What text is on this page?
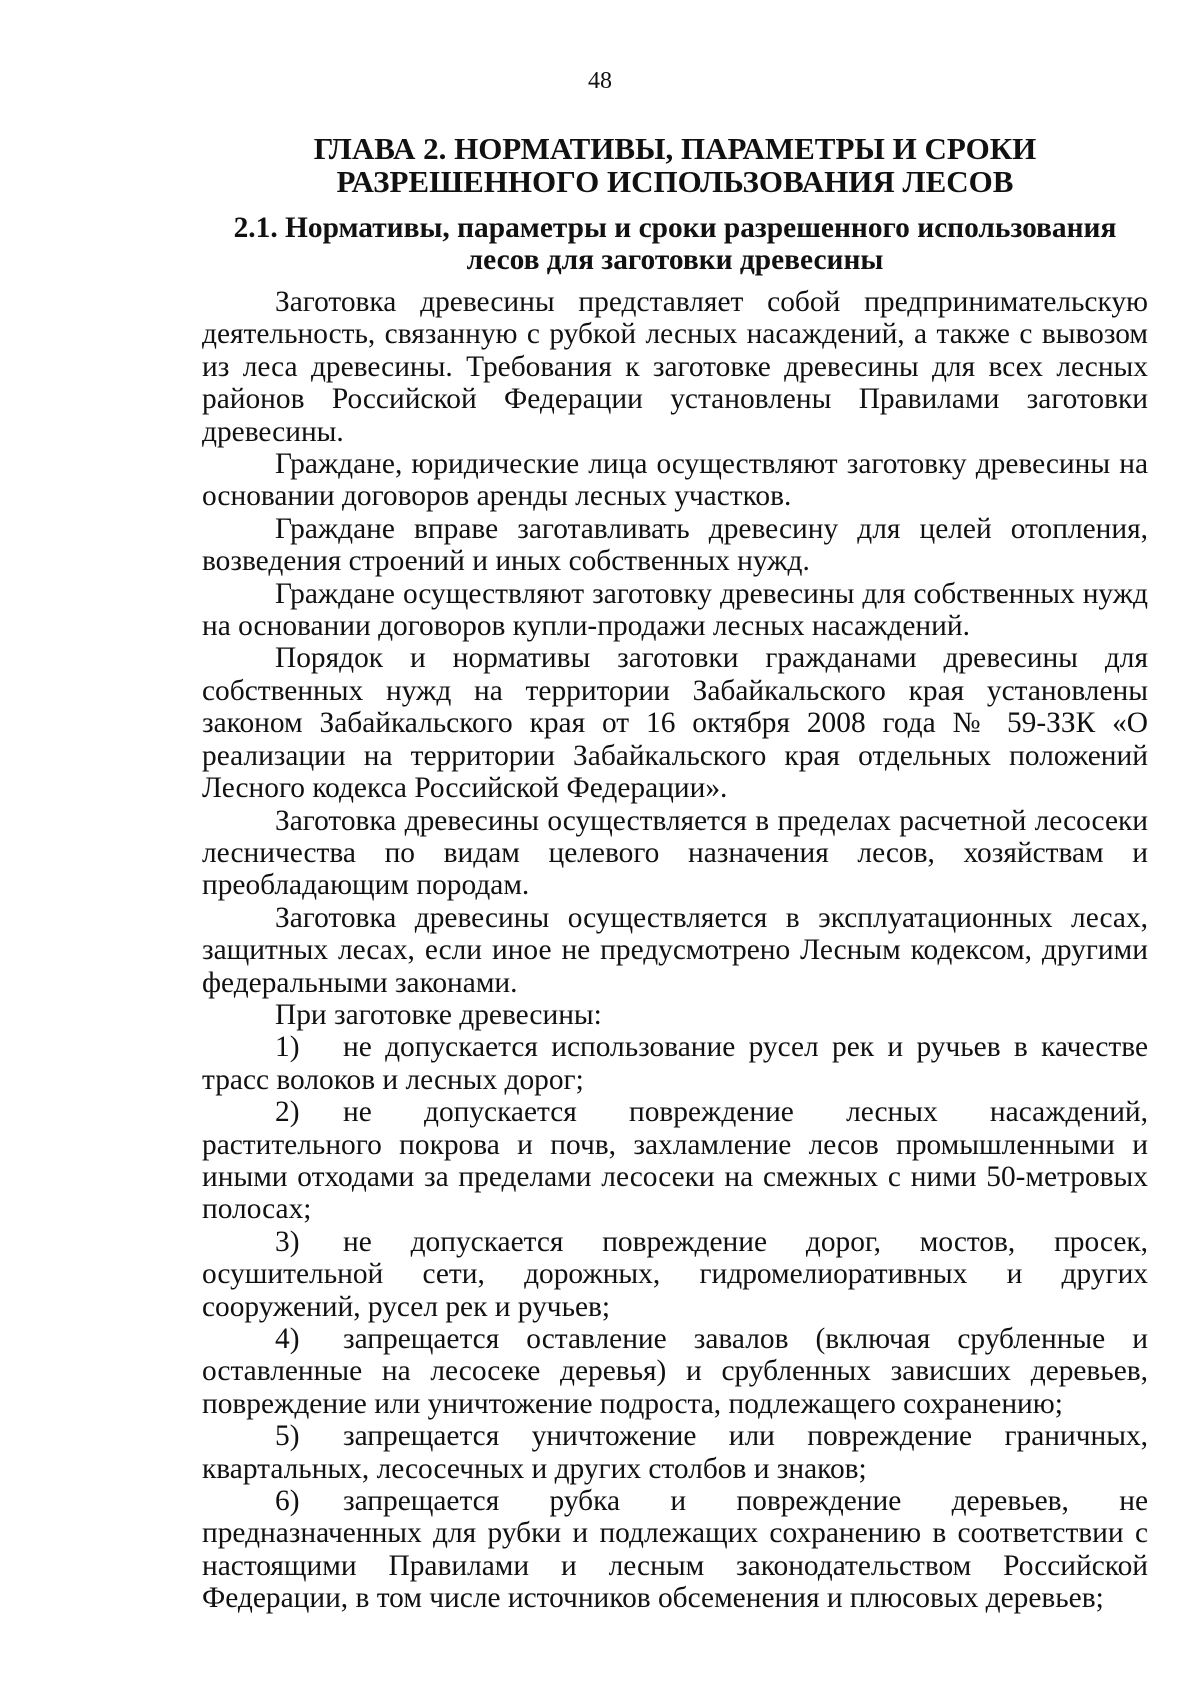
48
ГЛАВА 2. НОРМАТИВЫ, ПАРАМЕТРЫ И СРОКИ РАЗРЕШЕННОГО ИСПОЛЬЗОВАНИЯ ЛЕСОВ
2.1. Нормативы, параметры и сроки разрешенного использования лесов для заготовки древесины

Заготовка древесины представляет собой предпринимательскую деятельность, связанную с рубкой лесных насаждений, а также с вывозом из леса древесины. Требования к заготовке древесины для всех лесных районов Российской Федерации установлены Правилами заготовки древесины.

Граждане, юридические лица осуществляют заготовку древесины на основании договоров аренды лесных участков.

Граждане вправе заготавливать древесину для целей отопления, возведения строений и иных собственных нужд.

Граждане осуществляют заготовку древесины для собственных нужд на основании договоров купли-продажи лесных насаждений.

Порядок и нормативы заготовки гражданами древесины для собственных нужд на территории Забайкальского края установлены законом Забайкальского края от 16 октября 2008 года № 59-ЗЗК «О реализации на территории Забайкальского края отдельных положений Лесного кодекса Российской Федерации».

Заготовка древесины осуществляется в пределах расчетной лесосеки лесничества по видам целевого назначения лесов, хозяйствам и преобладающим породам.

Заготовка древесины осуществляется в эксплуатационных лесах, защитных лесах, если иное не предусмотрено Лесным кодексом, другими федеральными законами.

При заготовке древесины:

1) не допускается использование русел рек и ручьев в качестве трасс волоков и лесных дорог;

2) не допускается повреждение лесных насаждений, растительного покрова и почв, захламление лесов промышленными и иными отходами за пределами лесосеки на смежных с ними 50-метровых полосах;

3) не допускается повреждение дорог, мостов, просек, осушительной сети, дорожных, гидромелиоративных и других сооружений, русел рек и ручьев;

4) запрещается оставление завалов (включая срубленные и оставленные на лесосеке деревья) и срубленных зависших деревьев, повреждение или уничтожение подроста, подлежащего сохранению;

5) запрещается уничтожение или повреждение граничных, квартальных, лесосечных и других столбов и знаков;

6) запрещается рубка и повреждение деревьев, не предназначенных для рубки и подлежащих сохранению в соответствии с настоящими Правилами и лесным законодательством Российской Федерации, в том числе источников обсеменения и плюсовых деревьев;
